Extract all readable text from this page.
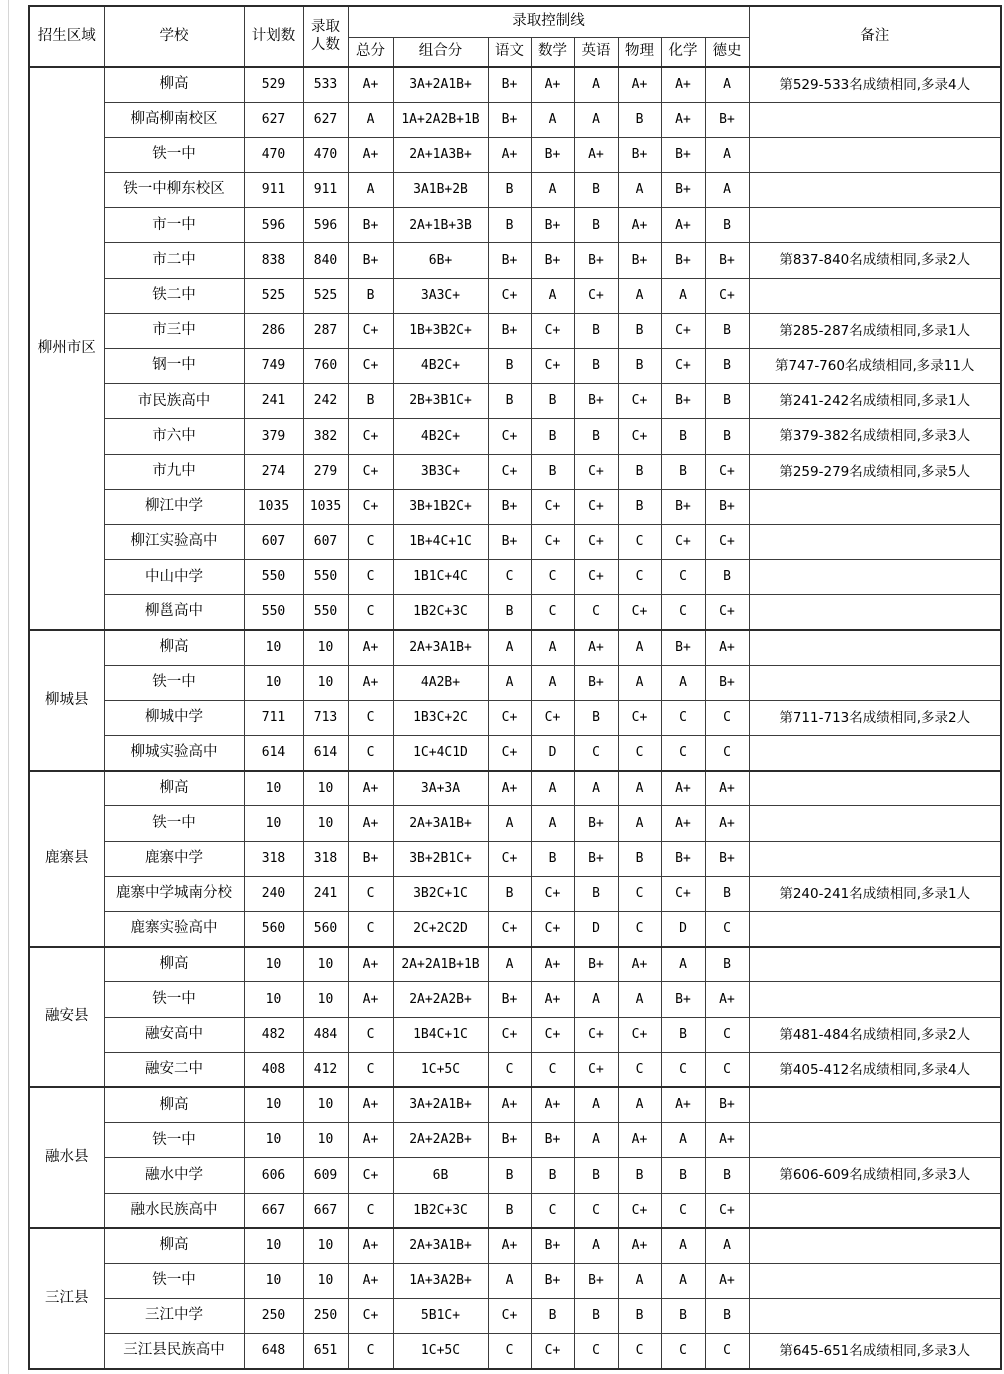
招生区域	学校	计划数	录取人数	录取控制线								备注
				总分	组合分	语文	数学	英语	物理	化学	德史	
柳州市区	柳高	529	533	A+	3A+2A1B+	B+	A+	A	A+	A+	A	第529-533名成绩相同,多录4人
	柳高柳南校区	627	627	A	1A+2A2B+1B	B+	A	A	B	A+	B+	
	铁一中	470	470	A+	2A+1A3B+	A+	B+	A+	B+	B+	A	
	铁一中柳东校区	911	911	A	3A1B+2B	B	A	B	A	B+	A	
	市一中	596	596	B+	2A+1B+3B	B	B+	B	A+	A+	B	
	市二中	838	840	B+	6B+	B+	B+	B+	B+	B+	B+	第837-840名成绩相同,多录2人
	铁二中	525	525	B	3A3C+	C+	A	C+	A	A	C+	
	市三中	286	287	C+	1B+3B2C+	B+	C+	B	B	C+	B	第285-287名成绩相同,多录1人
	钢一中	749	760	C+	4B2C+	B	C+	B	B	C+	B	第747-760名成绩相同,多录11人
	市民族高中	241	242	B	2B+3B1C+	B	B	B+	C+	B+	B	第241-242名成绩相同,多录1人
	市六中	379	382	C+	4B2C+	C+	B	B	C+	B	B	第379-382名成绩相同,多录3人
	市九中	274	279	C+	3B3C+	C+	B	C+	B	B	C+	第259-279名成绩相同,多录5人
	柳江中学	1035	1035	C+	3B+1B2C+	B+	C+	C+	B	B+	B+	
	柳江实验高中	607	607	C	1B+4C+1C	B+	C+	C+	C	C+	C+	
	中山中学	550	550	C	1B1C+4C	C	C	C+	C	C	B	
	柳邕高中	550	550	C	1B2C+3C	B	C	C	C+	C	C+	
柳城县	柳高	10	10	A+	2A+3A1B+	A	A	A+	A	B+	A+	
	铁一中	10	10	A+	4A2B+	A	A	B+	A	A	B+	
	柳城中学	711	713	C	1B3C+2C	C+	C+	B	C+	C	C	第711-713名成绩相同,多录2人
	柳城实验高中	614	614	C	1C+4C1D	C+	D	C	C	C	C	
鹿寨县	柳高	10	10	A+	3A+3A	A+	A	A	A	A+	A+	
	铁一中	10	10	A+	2A+3A1B+	A	A	B+	A	A+	A+	
	鹿寨中学	318	318	B+	3B+2B1C+	C+	B	B+	B	B+	B+	
	鹿寨中学城南分校	240	241	C	3B2C+1C	B	C+	B	C	C+	B	第240-241名成绩相同,多录1人
	鹿寨实验高中	560	560	C	2C+2C2D	C+	C+	D	C	D	C	
融安县	柳高	10	10	A+	2A+2A1B+1B	A	A+	B+	A+	A	B	
	铁一中	10	10	A+	2A+2A2B+	B+	A+	A	A	B+	A+	
	融安高中	482	484	C	1B4C+1C	C+	C+	C+	C+	B	C	第481-484名成绩相同,多录2人
	融安二中	408	412	C	1C+5C	C	C	C+	C	C	C	第405-412名成绩相同,多录4人
融水县	柳高	10	10	A+	3A+2A1B+	A+	A+	A	A	A+	B+	
	铁一中	10	10	A+	2A+2A2B+	B+	B+	A	A+	A	A+	
	融水中学	606	609	C+	6B	B	B	B	B	B	B	第606-609名成绩相同,多录3人
	融水民族高中	667	667	C	1B2C+3C	B	C	C	C+	C	C+	
三江县	柳高	10	10	A+	2A+3A1B+	A+	B+	A	A+	A	A	
	铁一中	10	10	A+	1A+3A2B+	A	B+	B+	A	A	A+	
	三江中学	250	250	C+	5B1C+	C+	B	B	B	B	B	
	三江县民族高中	648	651	C	1C+5C	C	C+	C	C	C	C	第645-651名成绩相同,多录3人
